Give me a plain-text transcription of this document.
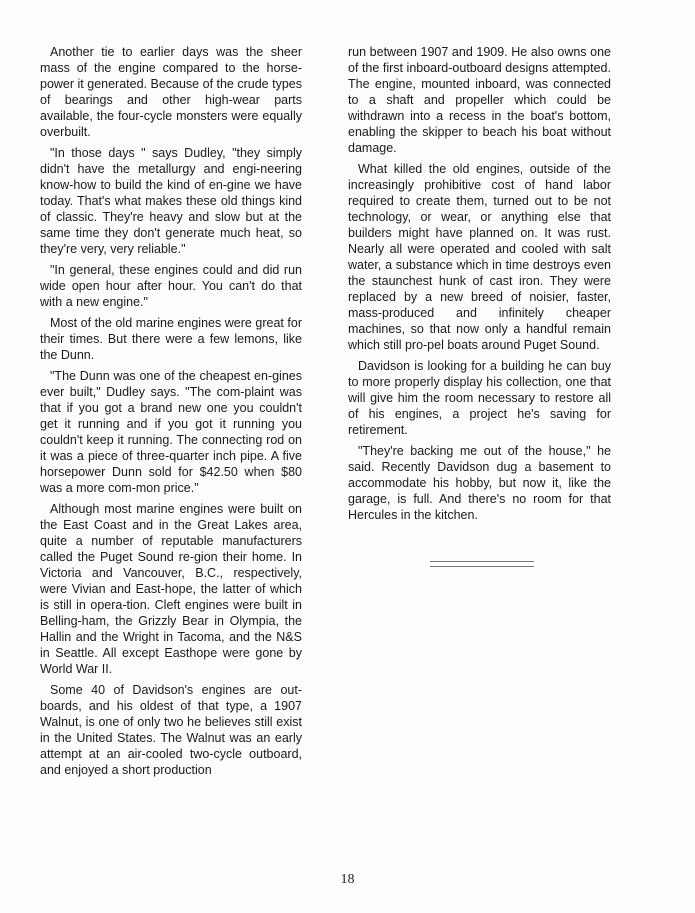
Another tie to earlier days was the sheer mass of the engine compared to the horse-power it generated. Because of the crude types of bearings and other high-wear parts available, the four-cycle monsters were equally overbuilt.

"In those days " says Dudley, "they simply didn't have the metallurgy and engi-neering know-how to build the kind of en-gine we have today. That's what makes these old things kind of classic. They're heavy and slow but at the same time they don't generate much heat, so they're very, very reliable."

"In general, these engines could and did run wide open hour after hour. You can't do that with a new engine."

Most of the old marine engines were great for their times. But there were a few lemons, like the Dunn.

"The Dunn was one of the cheapest en-gines ever built," Dudley says. "The com-plaint was that if you got a brand new one you couldn't get it running and if you got it running you couldn't keep it running. The connecting rod on it was a piece of three-quarter inch pipe. A five horsepower Dunn sold for $42.50 when $80 was a more com-mon price."

Although most marine engines were built on the East Coast and in the Great Lakes area, quite a number of reputable manufacturers called the Puget Sound re-gion their home. In Victoria and Vancouver, B.C., respectively, were Vivian and East-hope, the latter of which is still in opera-tion. Cleft engines were built in Belling-ham, the Grizzly Bear in Olympia, the Hallin and the Wright in Tacoma, and the N&S in Seattle. All except Easthope were gone by World War II.

Some 40 of Davidson's engines are out-boards, and his oldest of that type, a 1907 Walnut, is one of only two he believes still exist in the United States. The Walnut was an early attempt at an air-cooled two-cycle outboard, and enjoyed a short production

run between 1907 and 1909. He also owns one of the first inboard-outboard designs attempted. The engine, mounted inboard, was connected to a shaft and propeller which could be withdrawn into a recess in the boat's bottom, enabling the skipper to beach his boat without damage.

What killed the old engines, outside of the increasingly prohibitive cost of hand labor required to create them, turned out to be not technology, or wear, or anything else that builders might have planned on. It was rust. Nearly all were operated and cooled with salt water, a substance which in time destroys even the staunchest hunk of cast iron. They were replaced by a new breed of noisier, faster, mass-produced and infinitely cheaper machines, so that now only a handful remain which still pro-pel boats around Puget Sound.

Davidson is looking for a building he can buy to more properly display his collection, one that will give him the room necessary to restore all of his engines, a project he's saving for retirement.

"They're backing me out of the house," he said. Recently Davidson dug a basement to accommodate his hobby, but now it, like the garage, is full. And there's no room for that Hercules in the kitchen.

18
